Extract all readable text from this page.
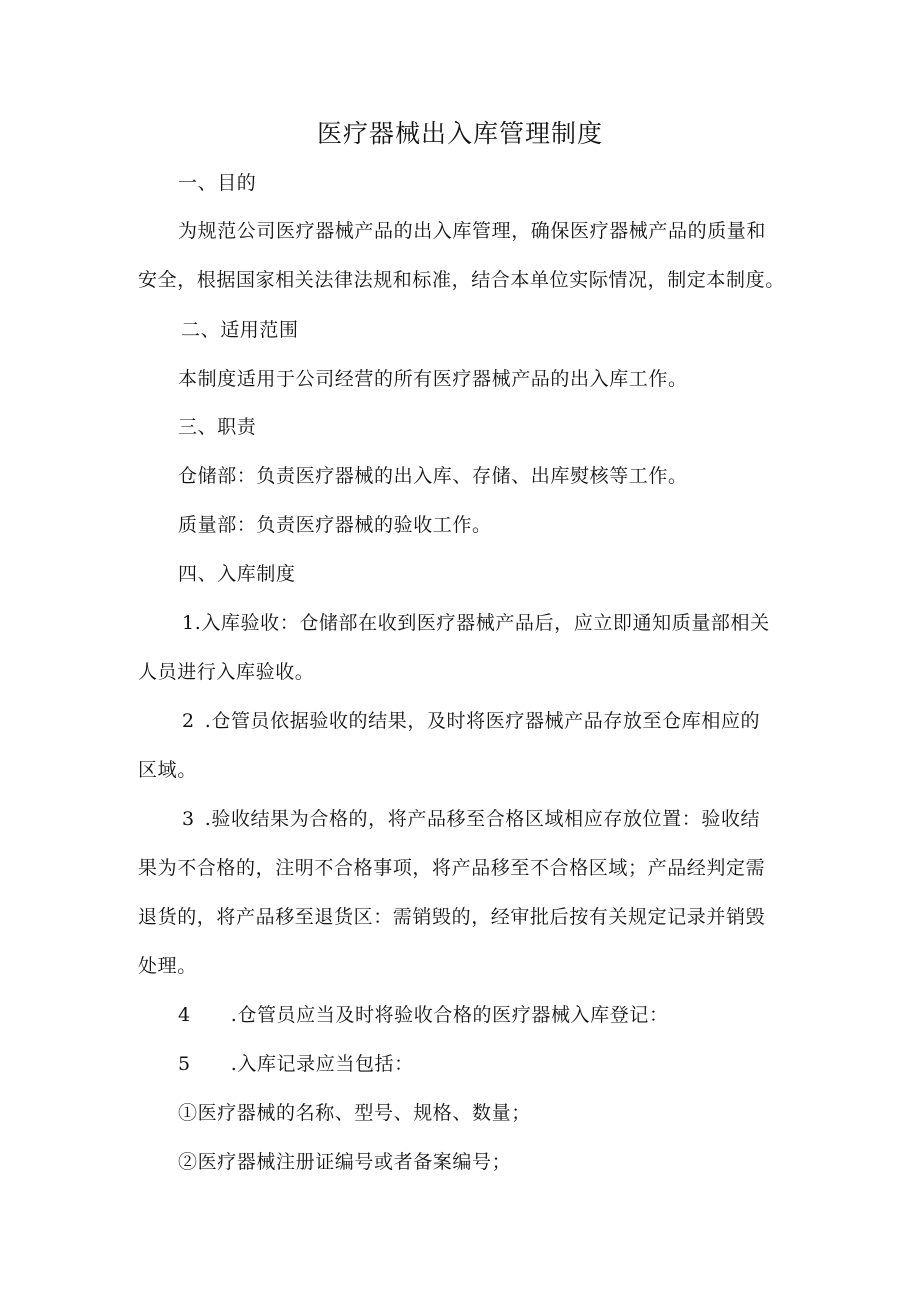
医疗器械出入库管理制度
一、目的
为规范公司医疗器械产品的出入库管理，确保医疗器械产品的质量和
安全，根据国家相关法律法规和标准，结合本单位实际情况，制定本制度。
二、适用范围
本制度适用于公司经营的所有医疗器械产品的出入库工作。
三、职责
仓储部：负责医疗器械的出入库、存储、出库熨核等工作。
质量部：负责医疗器械的验收工作。
四、入库制度
1.入库验收：仓储部在收到医疗器械产品后，应立即通知质量部相关
人员进行入库验收。
2 .仓管员依据验收的结果，及时将医疗器械产品存放至仓库相应的
区域。
3 .验收结果为合格的，将产品移至合格区域相应存放位置：验收结
果为不合格的，注明不合格事项，将产品移至不合格区域；产品经判定需
退货的，将产品移至退货区：需销毁的，经审批后按有关规定记录并销毁
处理。
4 .仓管员应当及时将验收合格的医疗器械入库登记：
5 .入库记录应当包括：
①医疗器械的名称、型号、规格、数量；
②医疗器械注册证编号或者备案编号；
